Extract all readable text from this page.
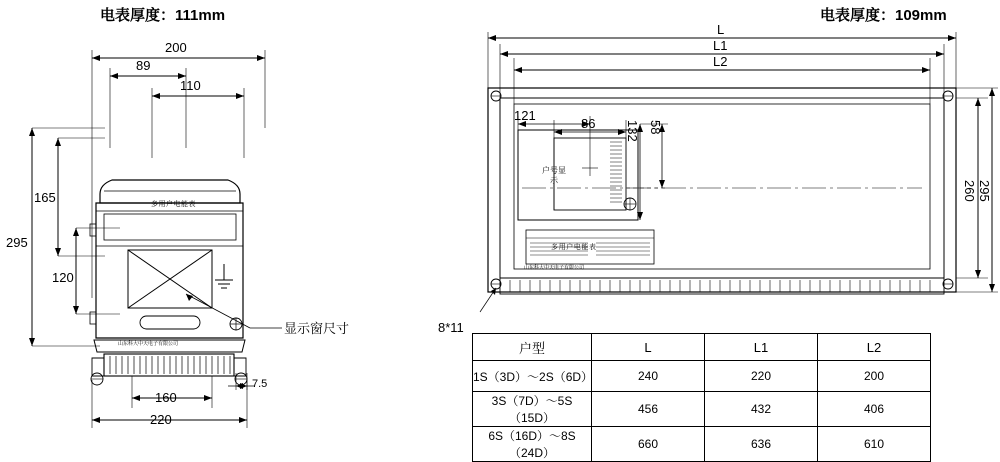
电表厚度：111mm	电表厚度：109mm
200
89
110
295
165
120
160
220
7.5
多用户电能表
山东科大中天电子有限公司
显示窗尺寸
L
L1
L2
121
86 132 58
260 295
8*11
户号显示
多用户电能表
山东科大中天电子有限公司
户型	L	L1	L2
1S（3D）～2S（6D）	240	220	200
3S（7D）～5S（15D）	456	432	406
6S（16D）～8S（24D）	660	636	610
